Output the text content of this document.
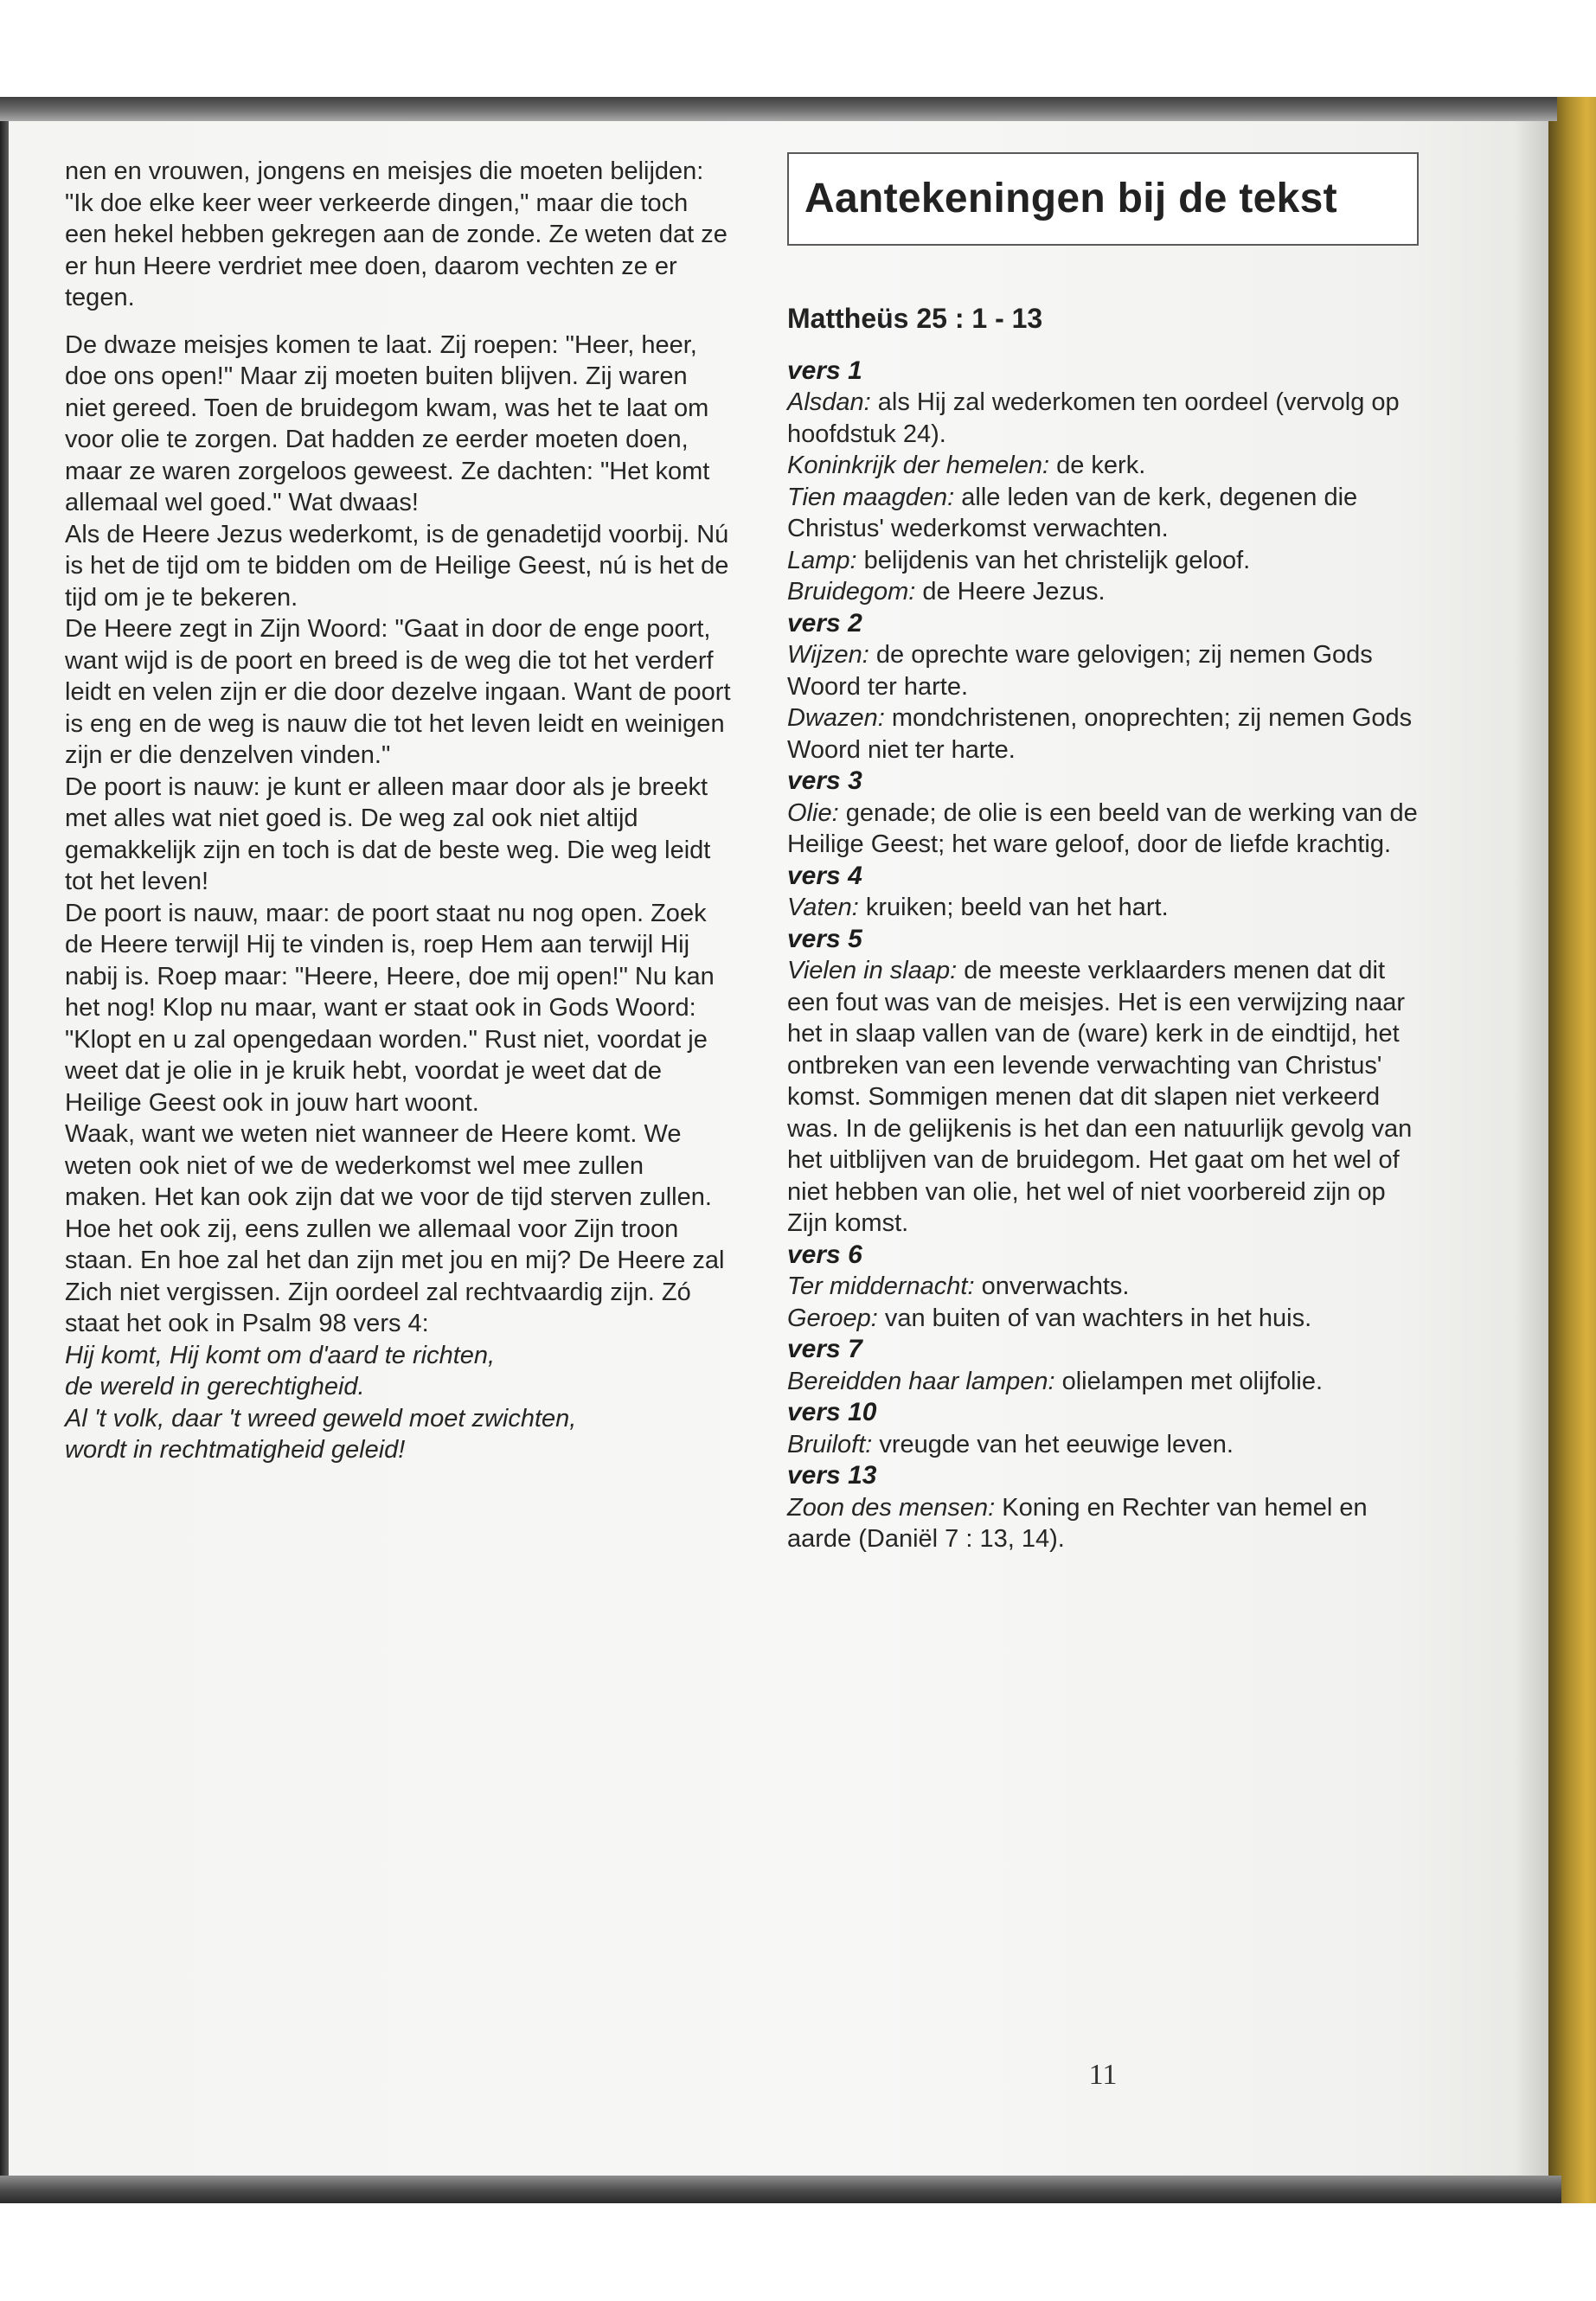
nen en vrouwen, jongens en meisjes die moeten belijden: "Ik doe elke keer weer verkeerde dingen," maar die toch een hekel hebben gekregen aan de zonde. Ze weten dat ze er hun Heere verdriet mee doen, daarom vechten ze er tegen.

De dwaze meisjes komen te laat. Zij roepen: "Heer, heer, doe ons open!" Maar zij moeten buiten blijven. Zij waren niet gereed. Toen de bruidegom kwam, was het te laat om voor olie te zorgen. Dat hadden ze eerder moeten doen, maar ze waren zorgeloos geweest. Ze dachten: "Het komt allemaal wel goed." Wat dwaas!

Als de Heere Jezus wederkomt, is de genadetijd voorbij. Nú is het de tijd om te bidden om de Heilige Geest, nú is het de tijd om je te bekeren.

De Heere zegt in Zijn Woord: "Gaat in door de enge poort, want wijd is de poort en breed is de weg die tot het verderf leidt en velen zijn er die door dezelve ingaan. Want de poort is eng en de weg is nauw die tot het leven leidt en weinigen zijn er die denzelven vinden."

De poort is nauw: je kunt er alleen maar door als je breekt met alles wat niet goed is. De weg zal ook niet altijd gemakkelijk zijn en toch is dat de beste weg. Die weg leidt tot het leven!

De poort is nauw, maar: de poort staat nu nog open. Zoek de Heere terwijl Hij te vinden is, roep Hem aan terwijl Hij nabij is. Roep maar: "Heere, Heere, doe mij open!" Nu kan het nog! Klop nu maar, want er staat ook in Gods Woord: "Klopt en u zal opengedaan worden." Rust niet, voordat je weet dat je olie in je kruik hebt, voordat je weet dat de Heilige Geest ook in jouw hart woont.

Waak, want we weten niet wanneer de Heere komt. We weten ook niet of we de wederkomst wel mee zullen maken. Het kan ook zijn dat we voor de tijd sterven zullen. Hoe het ook zij, eens zullen we allemaal voor Zijn troon staan. En hoe zal het dan zijn met jou en mij? De Heere zal Zich niet vergissen. Zijn oordeel zal rechtvaardig zijn. Zó staat het ook in Psalm 98 vers 4:

Hij komt, Hij komt om d'aard te richten,

de wereld in gerechtigheid.

Al 't volk, daar 't wreed geweld moet zwichten,

wordt in rechtmatigheid geleid!

Aantekeningen bij de tekst

Mattheüs 25 : 1 - 13

vers 1

Alsdan: als Hij zal wederkomen ten oordeel (vervolg op hoofdstuk 24).

Koninkrijk der hemelen: de kerk.

Tien maagden: alle leden van de kerk, degenen die Christus' wederkomst verwachten.

Lamp: belijdenis van het christelijk geloof.

Bruidegom: de Heere Jezus.

vers 2

Wijzen: de oprechte ware gelovigen; zij nemen Gods Woord ter harte.

Dwazen: mondchristenen, onoprechten; zij nemen Gods Woord niet ter harte.

vers 3

Olie: genade; de olie is een beeld van de werking van de Heilige Geest; het ware geloof, door de liefde krachtig.

vers 4

Vaten: kruiken; beeld van het hart.

vers 5

Vielen in slaap: de meeste verklaarders menen dat dit een fout was van de meisjes. Het is een verwijzing naar het in slaap vallen van de (ware) kerk in de eindtijd, het ontbreken van een levende verwachting van Christus' komst. Sommigen menen dat dit slapen niet verkeerd was. In de gelijkenis is het dan een natuurlijk gevolg van het uitblijven van de bruidegom. Het gaat om het wel of niet hebben van olie, het wel of niet voorbereid zijn op Zijn komst.

vers 6

Ter middernacht: onverwachts.

Geroep: van buiten of van wachters in het huis.

vers 7

Bereidden haar lampen: olielampen met olijfolie.

vers 10

Bruiloft: vreugde van het eeuwige leven.

vers 13

Zoon des mensen: Koning en Rechter van hemel en aarde (Daniël 7 : 13, 14).

11
